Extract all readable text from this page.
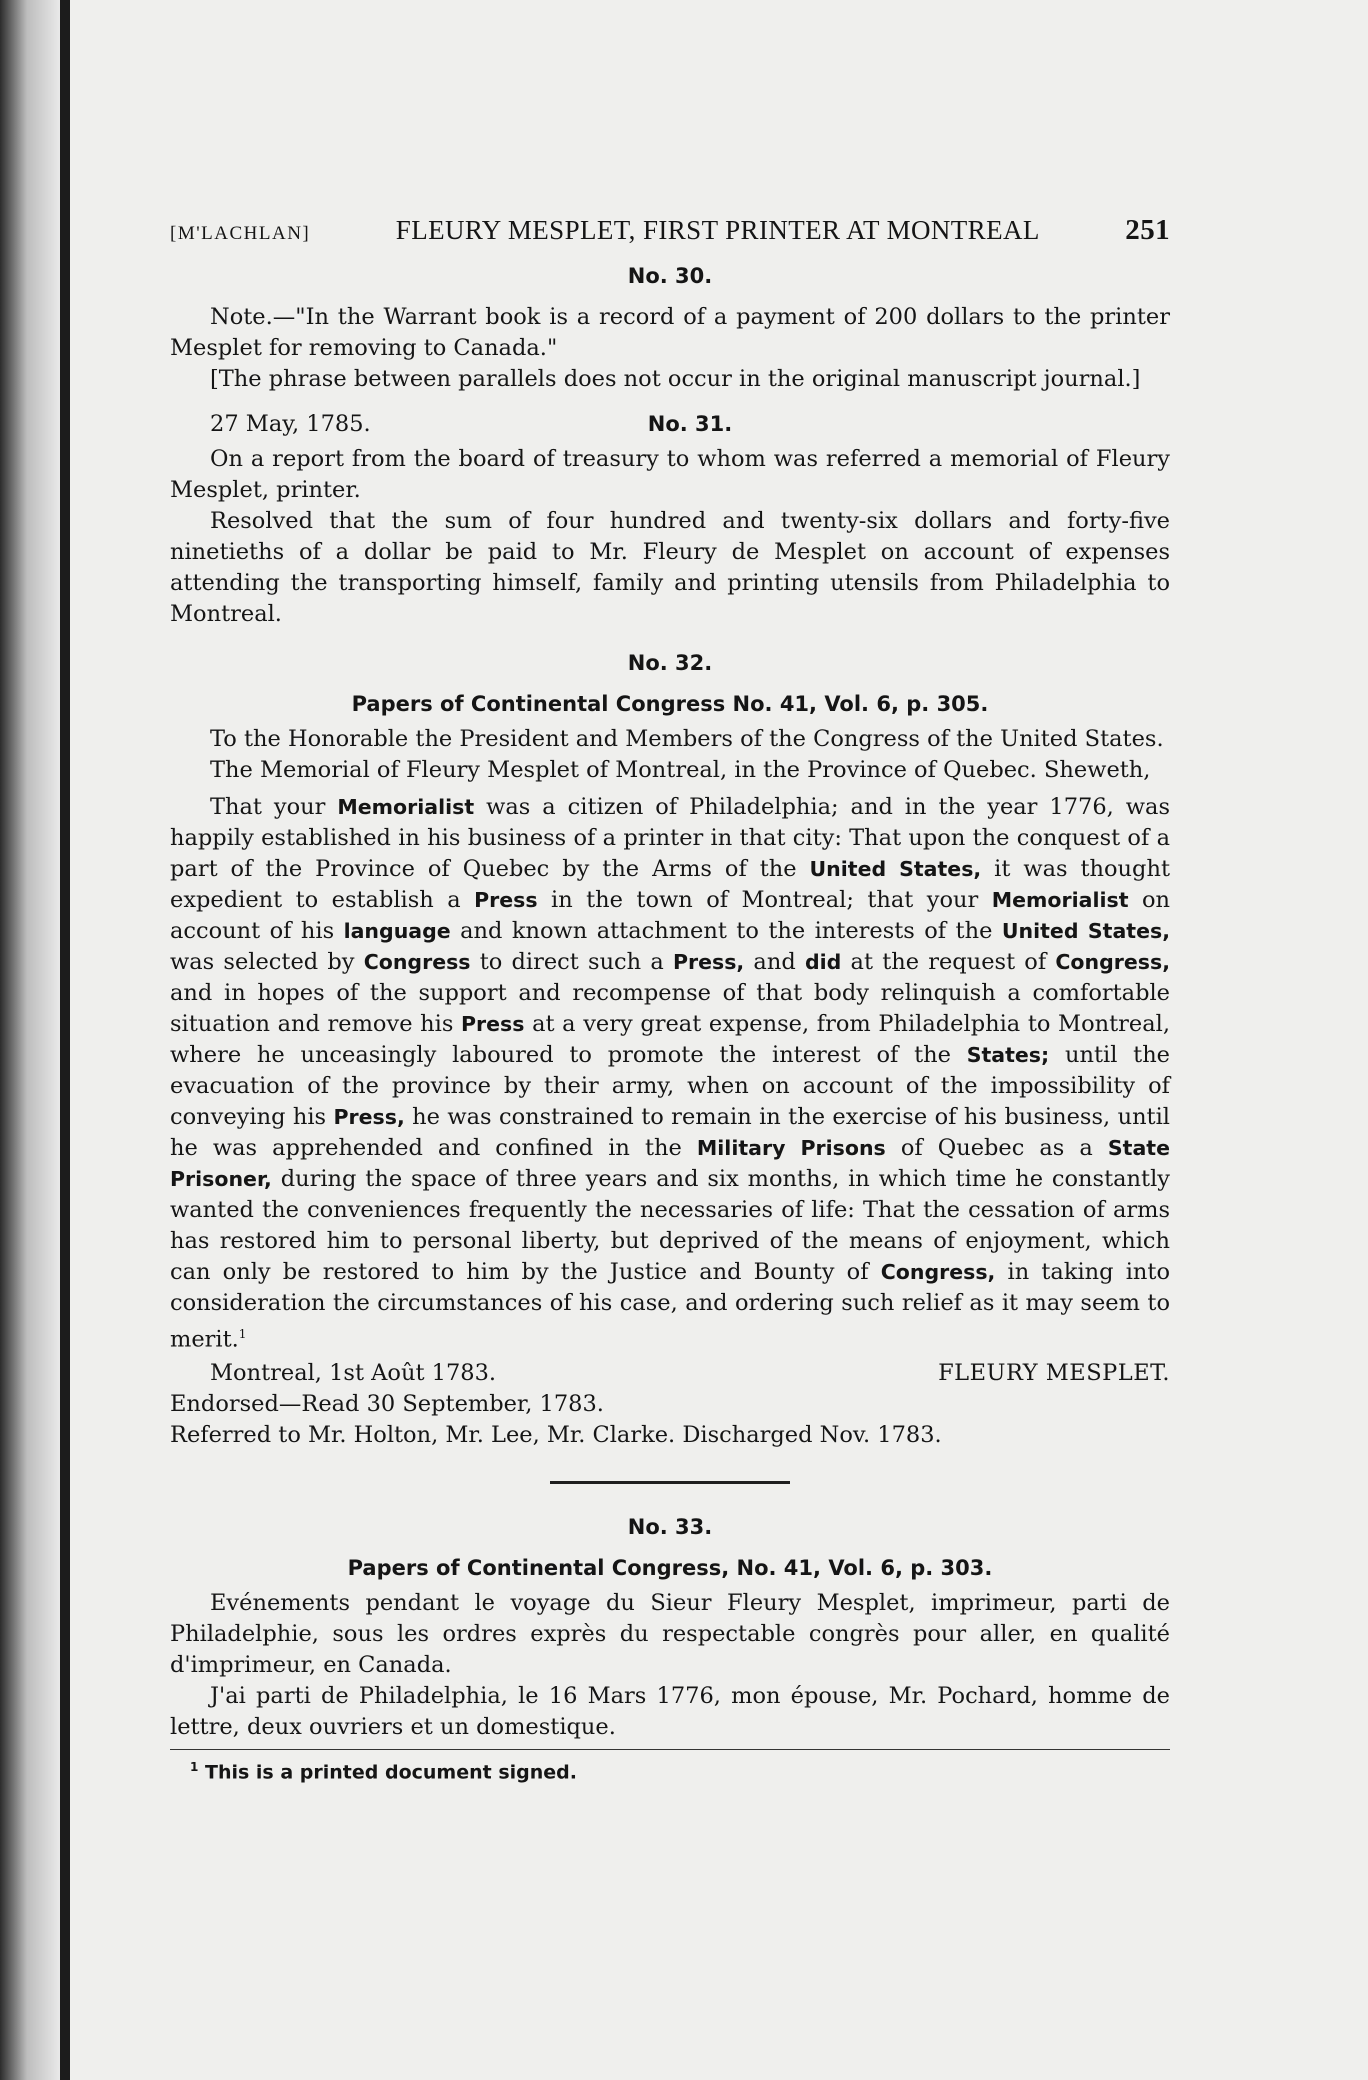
[M'LACHLAN]	FLEURY MESPLET, FIRST PRINTER AT MONTREAL	251
No. 30.

Note.—"In the Warrant book is a record of a payment of 200 dollars to the printer Mesplet for removing to Canada."

[The phrase between parallels does not occur in the original manuscript journal.]

27 May, 1785.	No. 31.

On a report from the board of treasury to whom was referred a memorial of Fleury Mesplet, printer.

Resolved that the sum of four hundred and twenty-six dollars and forty-five ninetieths of a dollar be paid to Mr. Fleury de Mesplet on account of expenses attending the transporting himself, family and printing utensils from Philadelphia to Montreal.

No. 32.
Papers of Continental Congress No. 41, Vol. 6, p. 305.

To the Honorable the President and Members of the Congress of the United States.

The Memorial of Fleury Mesplet of Montreal, in the Province of Quebec. Sheweth,

That your Memorialist was a citizen of Philadelphia; and in the year 1776, was happily established in his business of a printer in that city: That upon the conquest of a part of the Province of Quebec by the Arms of the United States, it was thought expedient to establish a Press in the town of Montreal; that your Memorialist on account of his language and known attachment to the interests of the United States, was selected by Congress to direct such a Press, and did at the request of Congress, and in hopes of the support and recompense of that body relinquish a comfortable situation and remove his Press at a very great expense, from Philadelphia to Montreal, where he unceasingly laboured to promote the interest of the States; until the evacuation of the province by their army, when on account of the impossibility of conveying his Press, he was constrained to remain in the exercise of his business, until he was apprehended and confined in the Military Prisons of Quebec as a State Prisoner, during the space of three years and six months, in which time he constantly wanted the conveniences frequently the necessaries of life: That the cessation of arms has restored him to personal liberty, but deprived of the means of enjoyment, which can only be restored to him by the Justice and Bounty of Congress, in taking into consideration the circumstances of his case, and ordering such relief as it may seem to merit.$^1$

Montreal, 1st Août 1783.	FLEURY MESPLET.

Endorsed—Read 30 September, 1783.

Referred to Mr. Holton, Mr. Lee, Mr. Clarke. Discharged Nov. 1783.

No. 33.
Papers of Continental Congress, No. 41, Vol. 6, p. 303.

Evénements pendant le voyage du Sieur Fleury Mesplet, imprimeur, parti de Philadelphie, sous les ordres exprès du respectable congrès pour aller, en qualité d'imprimeur, en Canada.

J'ai parti de Philadelphia, le 16 Mars 1776, mon épouse, Mr. Pochard, homme de lettre, deux ouvriers et un domestique.

$^1$ This is a printed document signed.
